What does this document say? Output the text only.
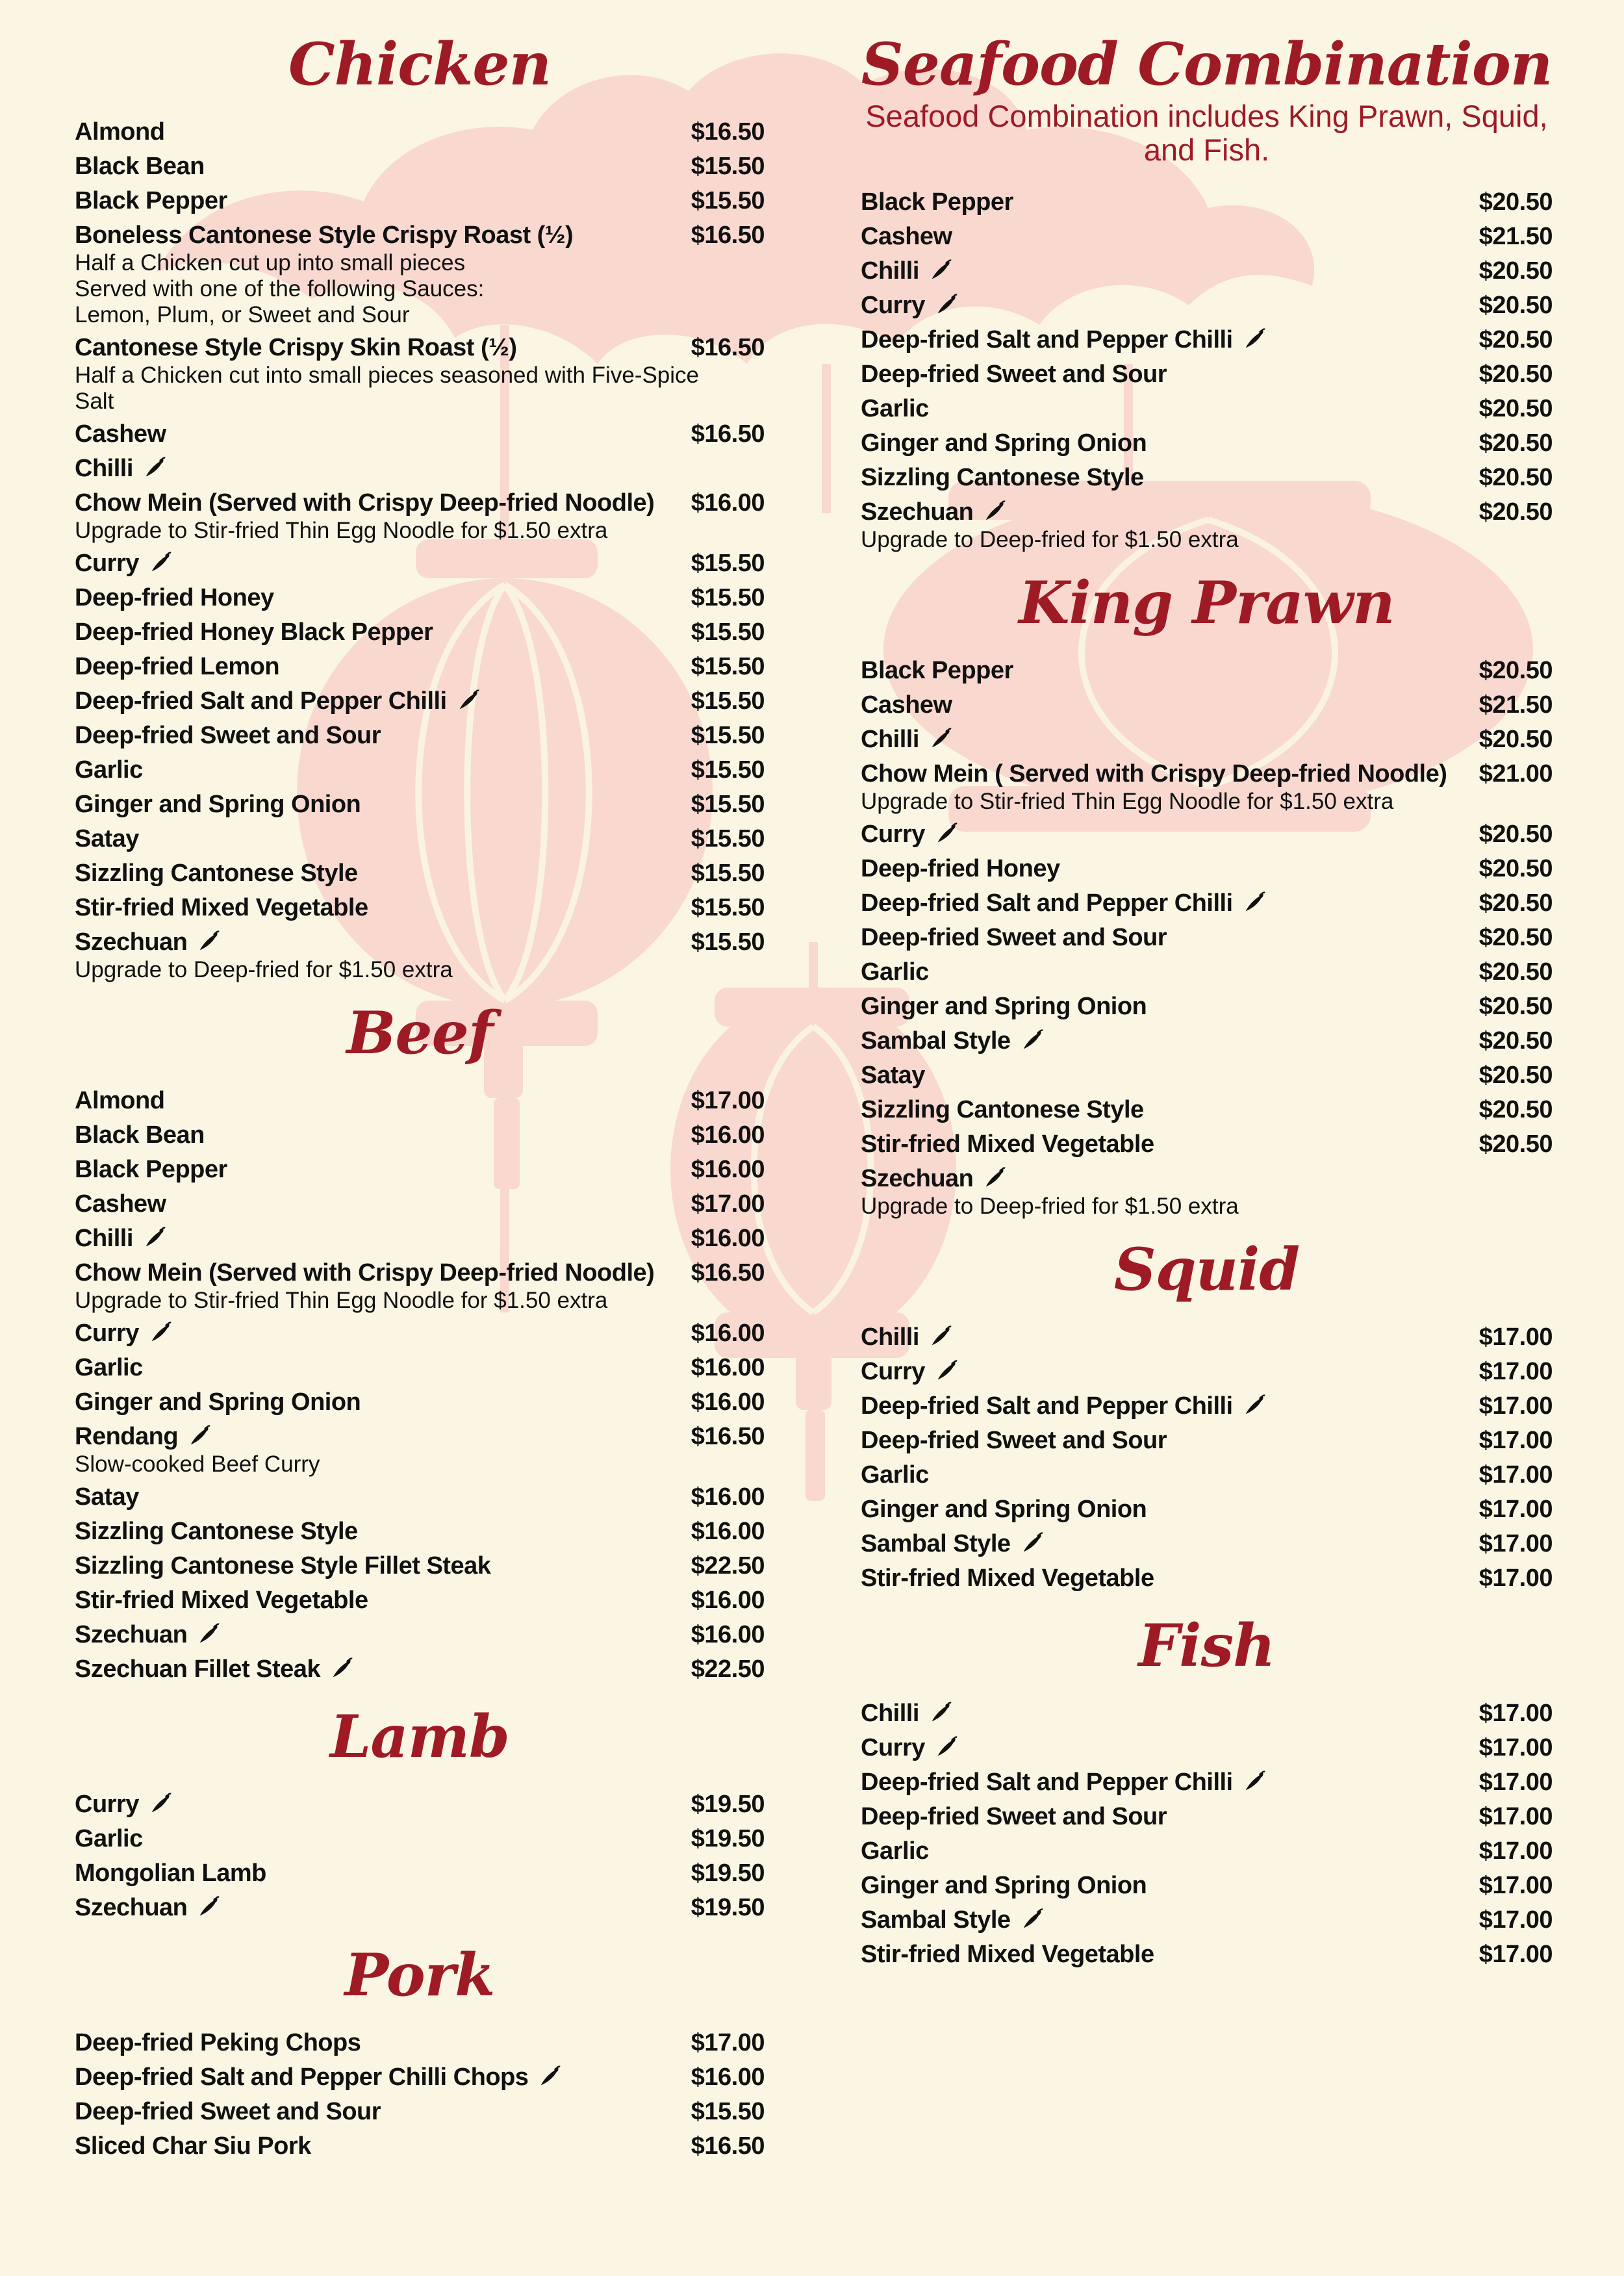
Chicken
Almond	$16.50
Black Bean	$15.50
Black Pepper	$15.50
Boneless Cantonese Style Crispy Roast (½)	$16.50
Half a Chicken cut up into small pieces
Served with one of the following Sauces:
Lemon, Plum, or Sweet and Sour
Cantonese Style Crispy Skin Roast (½)	$16.50
Half a Chicken cut into small pieces seasoned with Five-Spice
Salt
Cashew	$16.50
Chilli
Chow Mein (Served with Crispy Deep-fried Noodle) $16.00
Upgrade to Stir-fried Thin Egg Noodle for $1.50 extra
Curry	$15.50
Deep-fried Honey	$15.50
Deep-fried Honey Black Pepper	$15.50
Deep-fried Lemon	$15.50
Deep-fried Salt and Pepper Chilli	$15.50
Deep-fried Sweet and Sour	$15.50
Garlic	$15.50
Ginger and Spring Onion	$15.50
Satay	$15.50
Sizzling Cantonese Style	$15.50
Stir-fried Mixed Vegetable	$15.50
Szechuan	$15.50
Upgrade to Deep-fried for $1.50 extra
Beef
Almond	$17.00
Black Bean	$16.00
Black Pepper	$16.00
Cashew	$17.00
Chilli	$16.00
Chow Mein (Served with Crispy Deep-fried Noodle) $16.50
Upgrade to Stir-fried Thin Egg Noodle for $1.50 extra
Curry	$16.00
Garlic	$16.00
Ginger and Spring Onion	$16.00
Rendang	$16.50
Slow-cooked Beef Curry
Satay	$16.00
Sizzling Cantonese Style	$16.00
Sizzling Cantonese Style Fillet Steak	$22.50
Stir-fried Mixed Vegetable	$16.00
Szechuan	$16.00
Szechuan Fillet Steak	$22.50
Lamb
Curry	$19.50
Garlic	$19.50
Mongolian Lamb	$19.50
Szechuan	$19.50
Pork
Deep-fried Peking Chops	$17.00
Deep-fried Salt and Pepper Chilli Chops	$16.00
Deep-fried Sweet and Sour	$15.50
Sliced Char Siu Pork	$16.50
Seafood Combination
Seafood Combination includes King Prawn, Squid, and Fish.
Black Pepper	$20.50
Cashew	$21.50
Chilli	$20.50
Curry	$20.50
Deep-fried Salt and Pepper Chilli	$20.50
Deep-fried Sweet and Sour	$20.50
Garlic	$20.50
Ginger and Spring Onion	$20.50
Sizzling Cantonese Style	$20.50
Szechuan	$20.50
Upgrade to Deep-fried for $1.50 extra
King Prawn
Black Pepper	$20.50
Cashew	$21.50
Chilli	$20.50
Chow Mein ( Served with Crispy Deep-fried Noodle) $21.00
Upgrade to Stir-fried Thin Egg Noodle for $1.50 extra
Curry	$20.50
Deep-fried Honey	$20.50
Deep-fried Salt and Pepper Chilli	$20.50
Deep-fried Sweet and Sour	$20.50
Garlic	$20.50
Ginger and Spring Onion	$20.50
Sambal Style	$20.50
Satay	$20.50
Sizzling Cantonese Style	$20.50
Stir-fried Mixed Vegetable	$20.50
Szechuan
Upgrade to Deep-fried for $1.50 extra
Squid
Chilli	$17.00
Curry	$17.00
Deep-fried Salt and Pepper Chilli	$17.00
Deep-fried Sweet and Sour	$17.00
Garlic	$17.00
Ginger and Spring Onion	$17.00
Sambal Style	$17.00
Stir-fried Mixed Vegetable	$17.00
Fish
Chilli	$17.00
Curry	$17.00
Deep-fried Salt and Pepper Chilli	$17.00
Deep-fried Sweet and Sour	$17.00
Garlic	$17.00
Ginger and Spring Onion	$17.00
Sambal Style	$17.00
Stir-fried Mixed Vegetable	$17.00
